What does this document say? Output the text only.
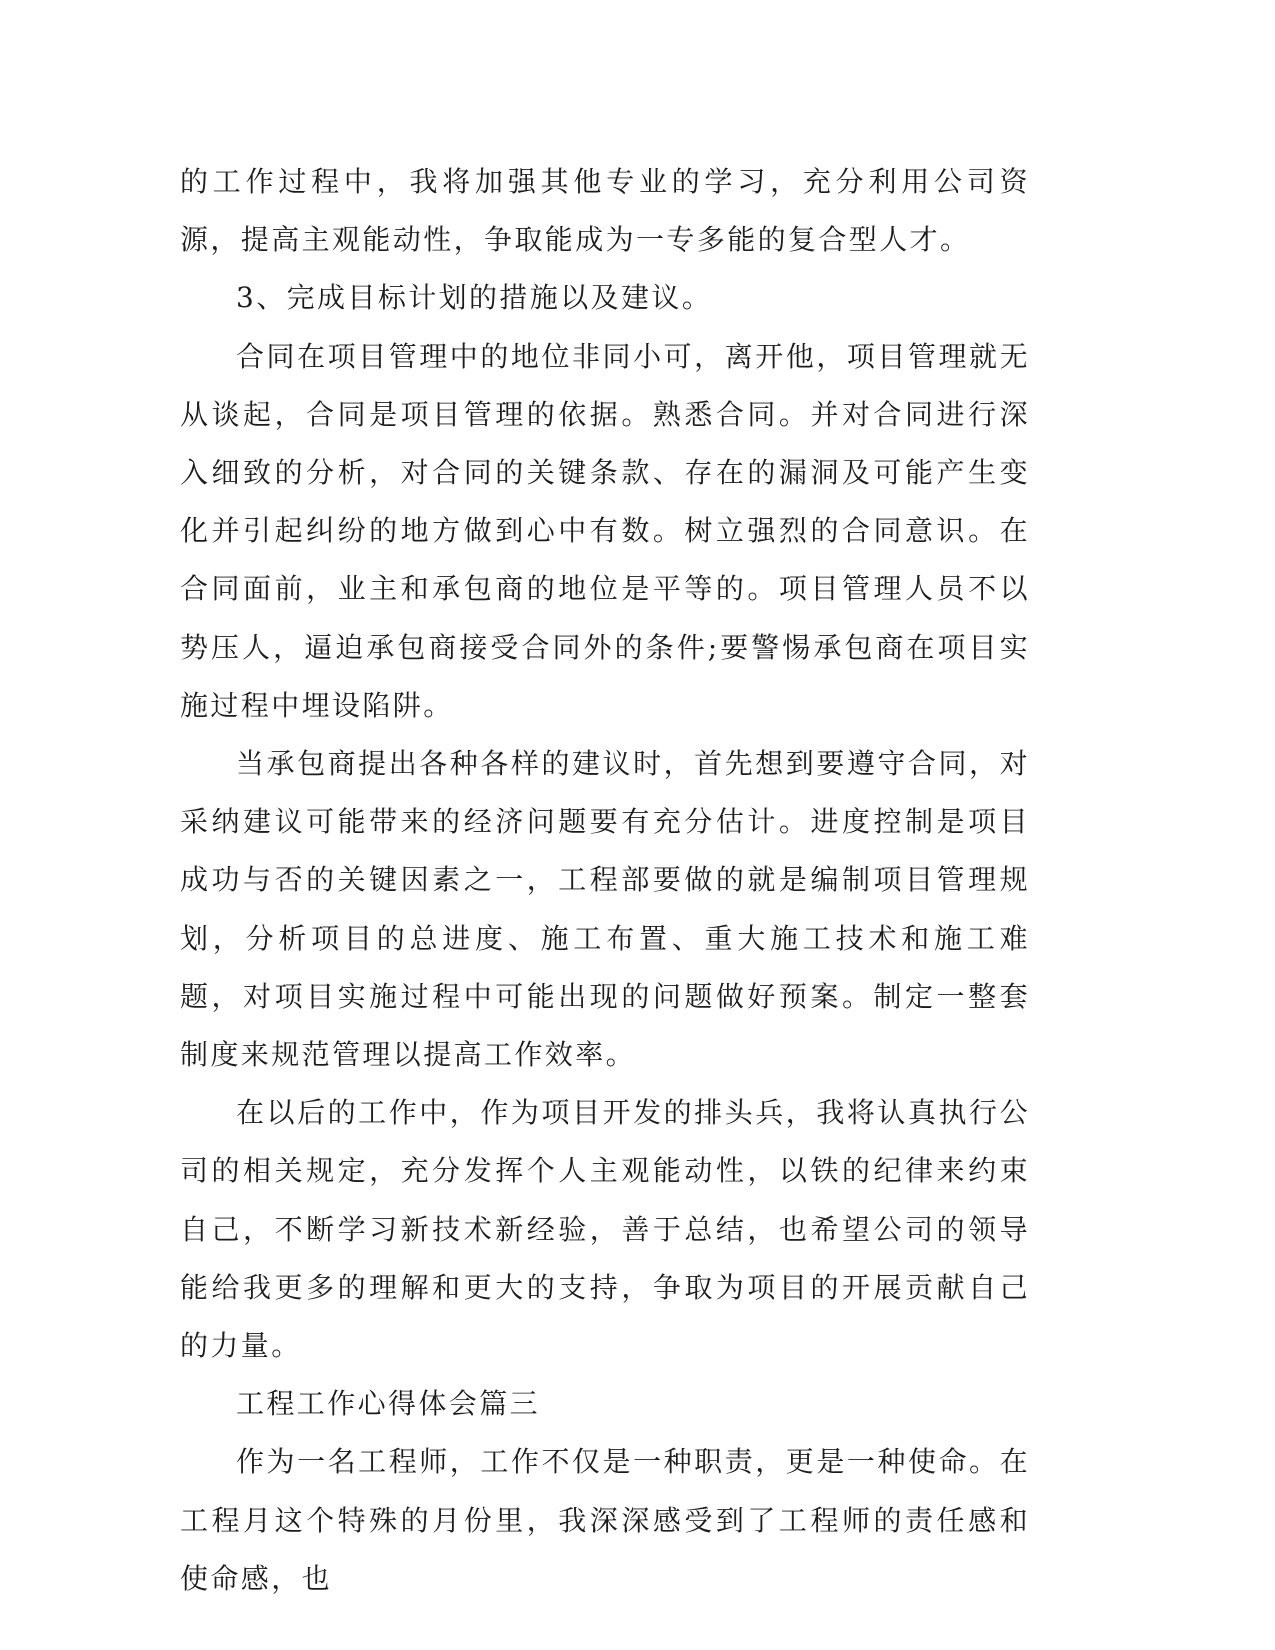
的工作过程中，我将加强其他专业的学习，充分利用公司资源，提高主观能动性，争取能成为一专多能的复合型人才。

3、完成目标计划的措施以及建议。

合同在项目管理中的地位非同小可，离开他，项目管理就无从谈起，合同是项目管理的依据。熟悉合同。并对合同进行深入细致的分析，对合同的关键条款、存在的漏洞及可能产生变化并引起纠纷的地方做到心中有数。树立强烈的合同意识。在合同面前，业主和承包商的地位是平等的。项目管理人员不以势压人，逼迫承包商接受合同外的条件;要警惕承包商在项目实施过程中埋设陷阱。

当承包商提出各种各样的建议时，首先想到要遵守合同，对采纳建议可能带来的经济问题要有充分估计。进度控制是项目成功与否的关键因素之一，工程部要做的就是编制项目管理规划，分析项目的总进度、施工布置、重大施工技术和施工难题，对项目实施过程中可能出现的问题做好预案。制定一整套制度来规范管理以提高工作效率。

在以后的工作中，作为项目开发的排头兵，我将认真执行公司的相关规定，充分发挥个人主观能动性，以铁的纪律来约束自己，不断学习新技术新经验，善于总结，也希望公司的领导能给我更多的理解和更大的支持，争取为项目的开展贡献自己的力量。

工程工作心得体会篇三

作为一名工程师，工作不仅是一种职责，更是一种使命。在工程月这个特殊的月份里，我深深感受到了工程师的责任感和使命感，也
